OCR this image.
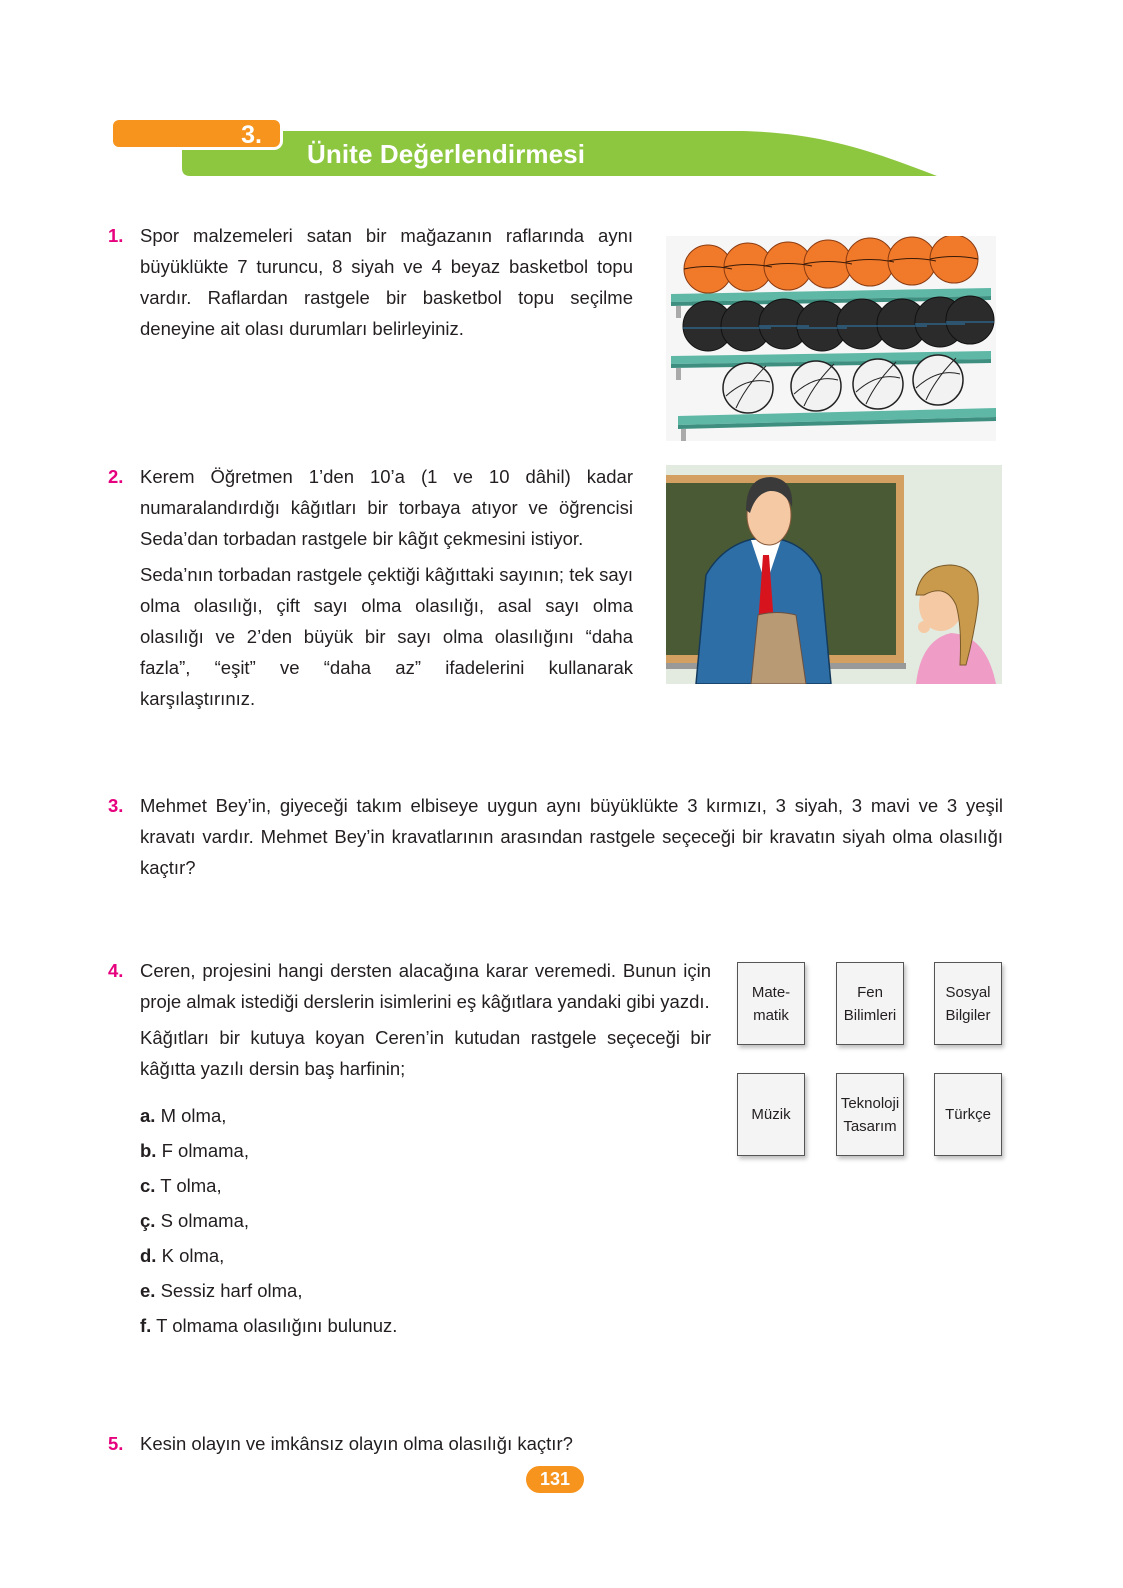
3.
Ünite Değerlendirmesi
1. Spor malzemeleri satan bir mağazanın raflarında aynı büyüklükte 7 turuncu, 8 siyah ve 4 beyaz basketbol topu vardır. Raflardan rastgele bir basketbol topu seçilme deneyine ait olası durumları belirleyiniz.

2. Kerem Öğretmen 1’den 10’a (1 ve 10 dâhil) kadar numaralandırdığı kâğıtları bir torbaya atıyor ve öğrencisi Seda’dan torbadan rastgele bir kâğıt çekmesini istiyor.

Seda’nın torbadan rastgele çektiği kâğıttaki sayının; tek sayı olma olasılığı, çift sayı olma olasılığı, asal sayı olma olasılığı ve 2’den büyük bir sayı olma olasılığını “daha fazla”, “eşit” ve “daha az” ifadelerini kullanarak karşılaştırınız.

3. Mehmet Bey’in, giyeceği takım elbiseye uygun aynı büyüklükte 3 kırmızı, 3 siyah, 3 mavi ve 3 yeşil kravatı vardır. Mehmet Bey’in kravatlarının arasından rastgele seçeceği bir kravatın siyah olma olasılığı kaçtır?

4. Ceren, projesini hangi dersten alacağına karar veremedi. Bunun için proje almak istediği derslerin isimlerini eş kâğıtlara yandaki gibi yazdı.

Kâğıtları bir kutuya koyan Ceren’in kutudan rastgele seçeceği bir kâğıtta yazılı dersin baş harfinin;

a. M olma,
b. F olmama,
c. T olma,
ç. S olmama,
d. K olma,
e. Sessiz harf olma,
f. T olmama olasılığını bulunuz.
Mate-
matik
Fen
Bilimleri
Sosyal
Bilgiler
Müzik
Teknoloji
Tasarım
Türkçe
5. Kesin olayın ve imkânsız olayın olma olasılığı kaçtır?

131
